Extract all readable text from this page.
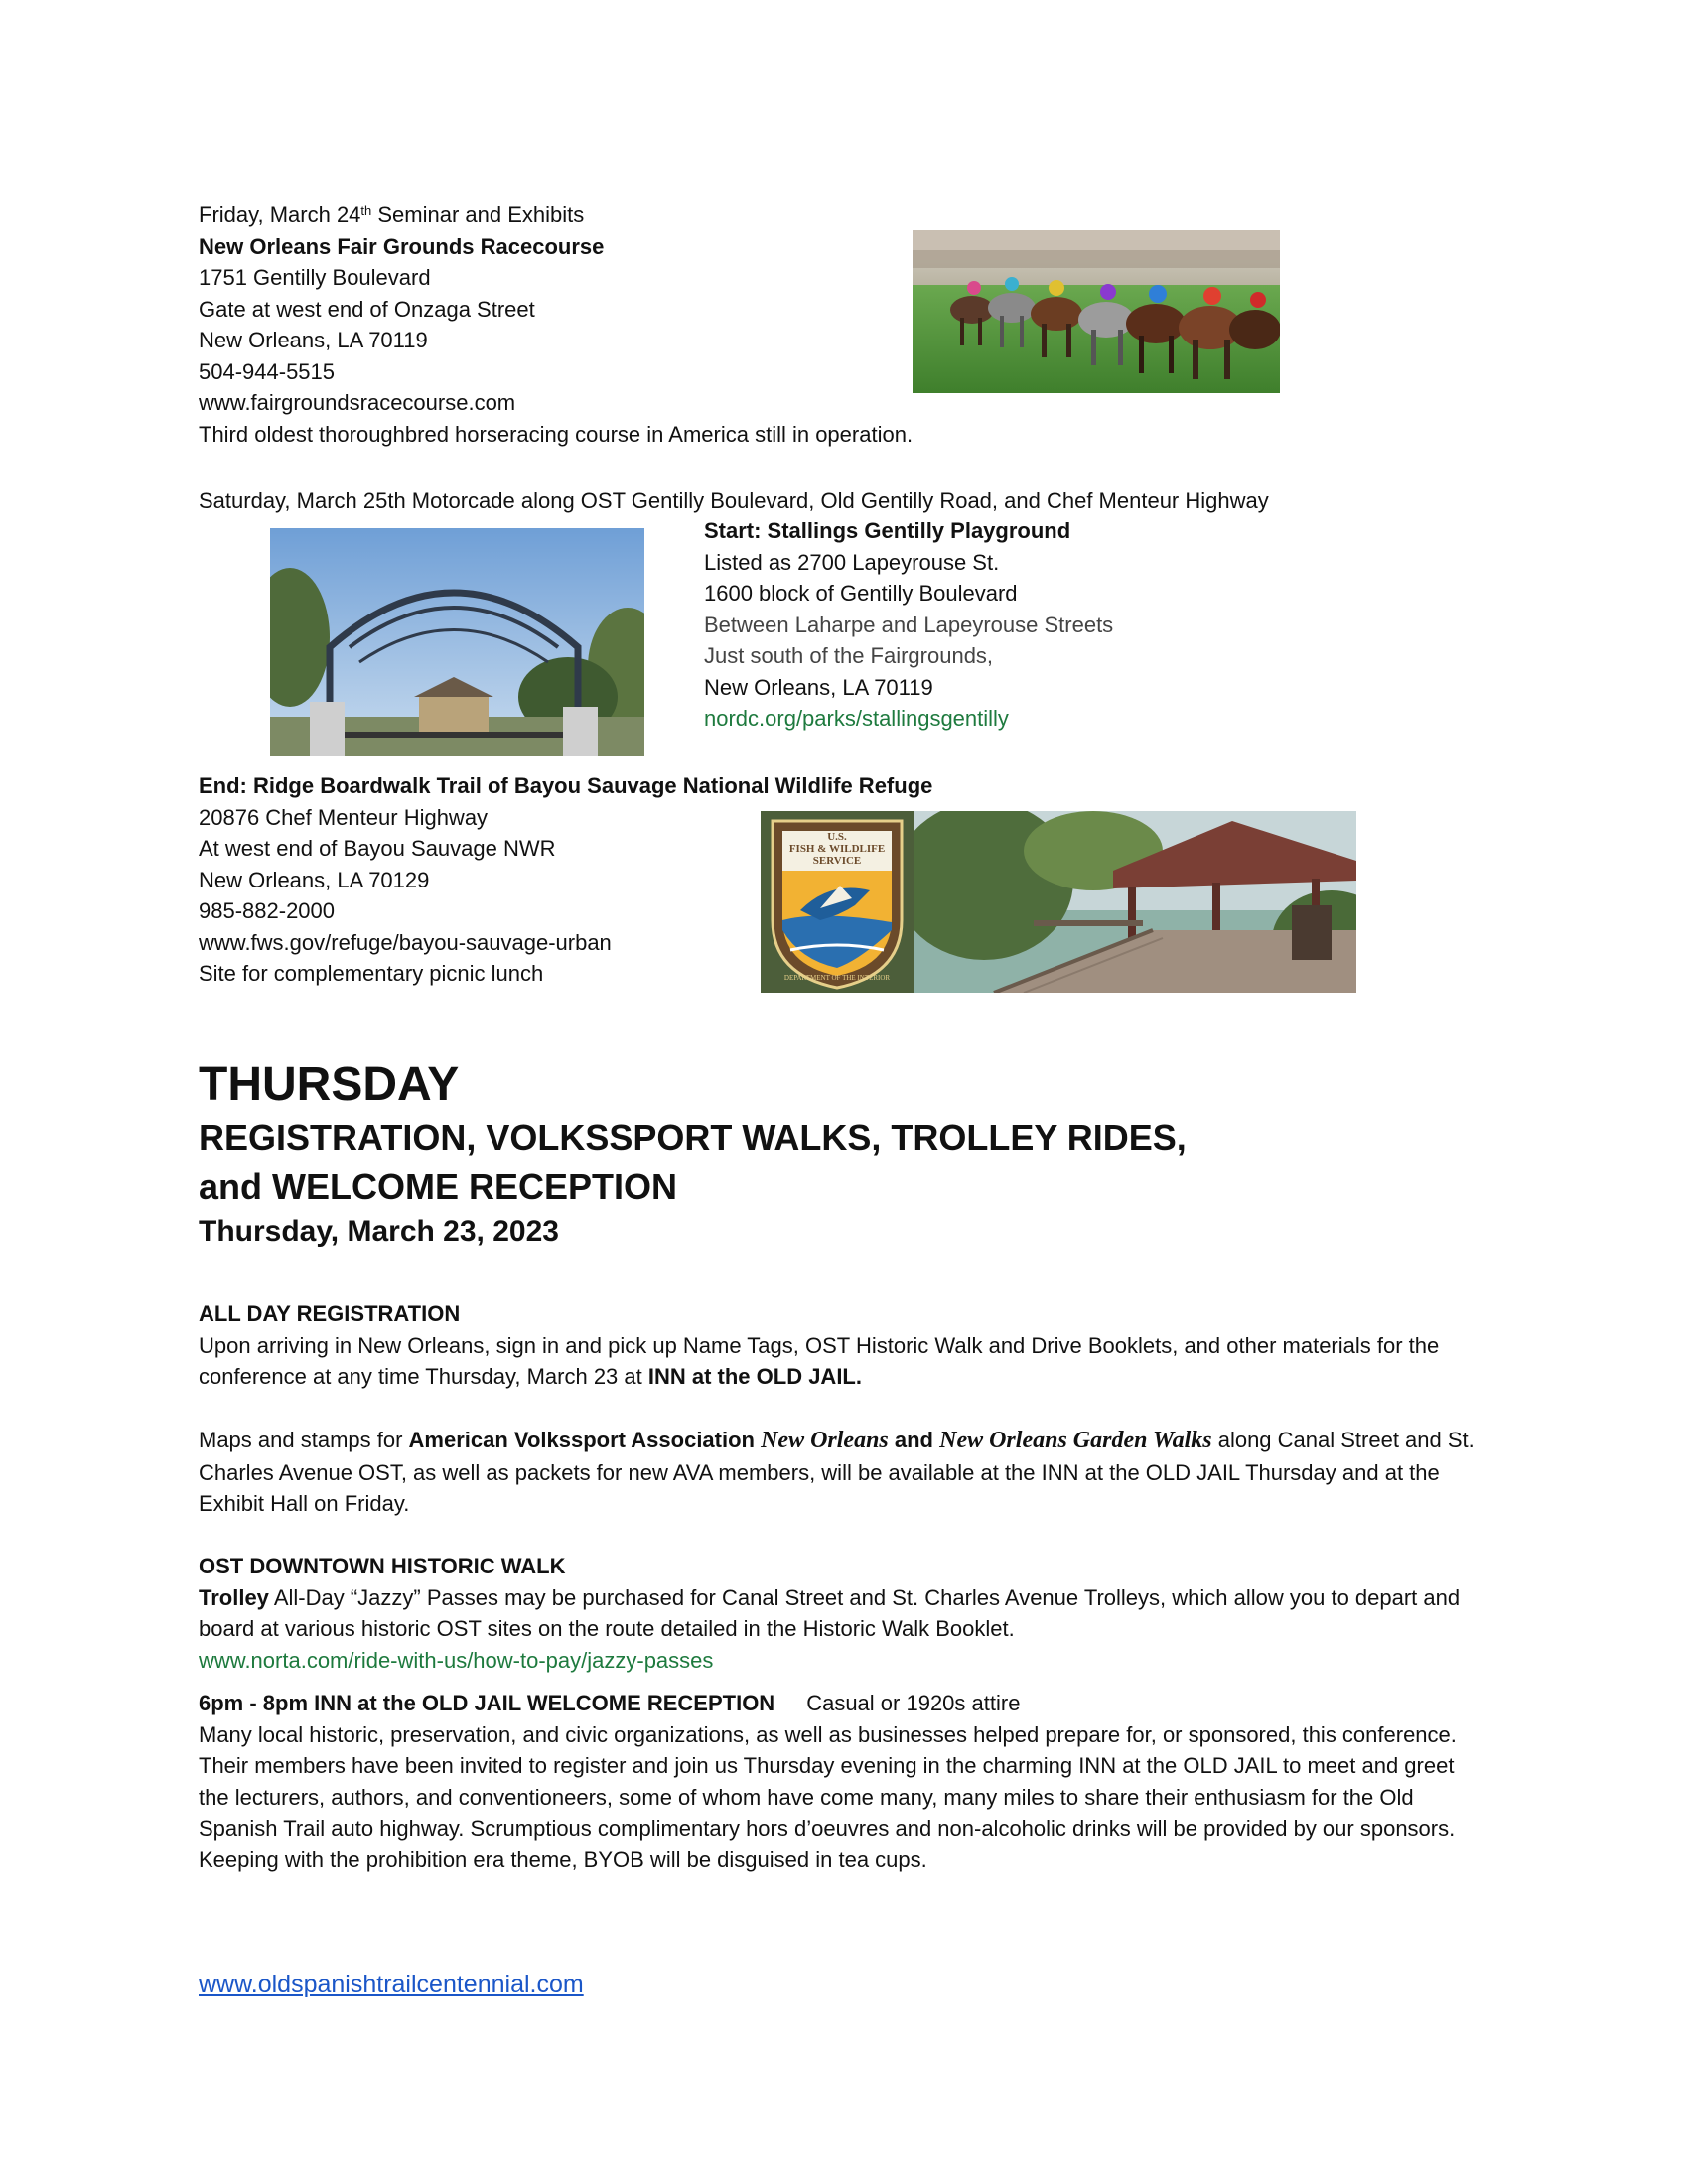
Friday, March 24th Seminar and Exhibits
New Orleans Fair Grounds Racecourse
1751 Gentilly Boulevard
Gate at west end of Onzaga Street
New Orleans, LA 70119
504-944-5515
www.fairgroundsracecourse.com
Third oldest thoroughbred horseracing course in America still in operation.
Saturday, March 25th Motorcade along OST Gentilly Boulevard, Old Gentilly Road, and Chef Menteur Highway
Start: Stallings Gentilly Playground
Listed as 2700 Lapeyrouse St.
1600 block of Gentilly Boulevard
Between Laharpe and Lapeyrouse Streets
Just south of the Fairgrounds,
New Orleans, LA 70119
nordc.org/parks/stallingsgentilly
End: Ridge Boardwalk Trail of Bayou Sauvage National Wildlife Refuge
20876 Chef Menteur Highway
At west end of Bayou Sauvage NWR
New Orleans, LA 70129
985-882-2000
www.fws.gov/refuge/bayou-sauvage-urban
Site for complementary picnic lunch
U.S.
FISH & WILDLIFE
SERVICE
DEPARTMENT OF THE INTERIOR
THURSDAY
REGISTRATION, VOLKSSPORT WALKS, TROLLEY RIDES,
and WELCOME RECEPTION
Thursday, March 23, 2023

ALL DAY REGISTRATION

Upon arriving in New Orleans, sign in and pick up Name Tags, OST Historic Walk and Drive Booklets, and other materials for the conference at any time Thursday, March 23 at INN at the OLD JAIL.

Maps and stamps for American Volkssport Association New Orleans and New Orleans Garden Walks along Canal Street and St. Charles Avenue OST, as well as packets for new AVA members, will be available at the INN at the OLD JAIL Thursday and at the Exhibit Hall on Friday.

OST DOWNTOWN HISTORIC WALK

Trolley All-Day “Jazzy” Passes may be purchased for Canal Street and St. Charles Avenue Trolleys, which allow you to depart and board at various historic OST sites on the route detailed in the Historic Walk Booklet.

www.norta.com/ride-with-us/how-to-pay/jazzy-passes

6pm - 8pm INN at the OLD JAIL WELCOME RECEPTION Casual or 1920s attire

Many local historic, preservation, and civic organizations, as well as businesses helped prepare for, or sponsored, this conference. Their members have been invited to register and join us Thursday evening in the charming INN at the OLD JAIL to meet and greet the lecturers, authors, and conventioneers, some of whom have come many, many miles to share their enthusiasm for the Old Spanish Trail auto highway. Scrumptious complimentary hors d’oeuvres and non-alcoholic drinks will be provided by our sponsors. Keeping with the prohibition era theme, BYOB will be disguised in tea cups.

www.oldspanishtrailcentennial.com
